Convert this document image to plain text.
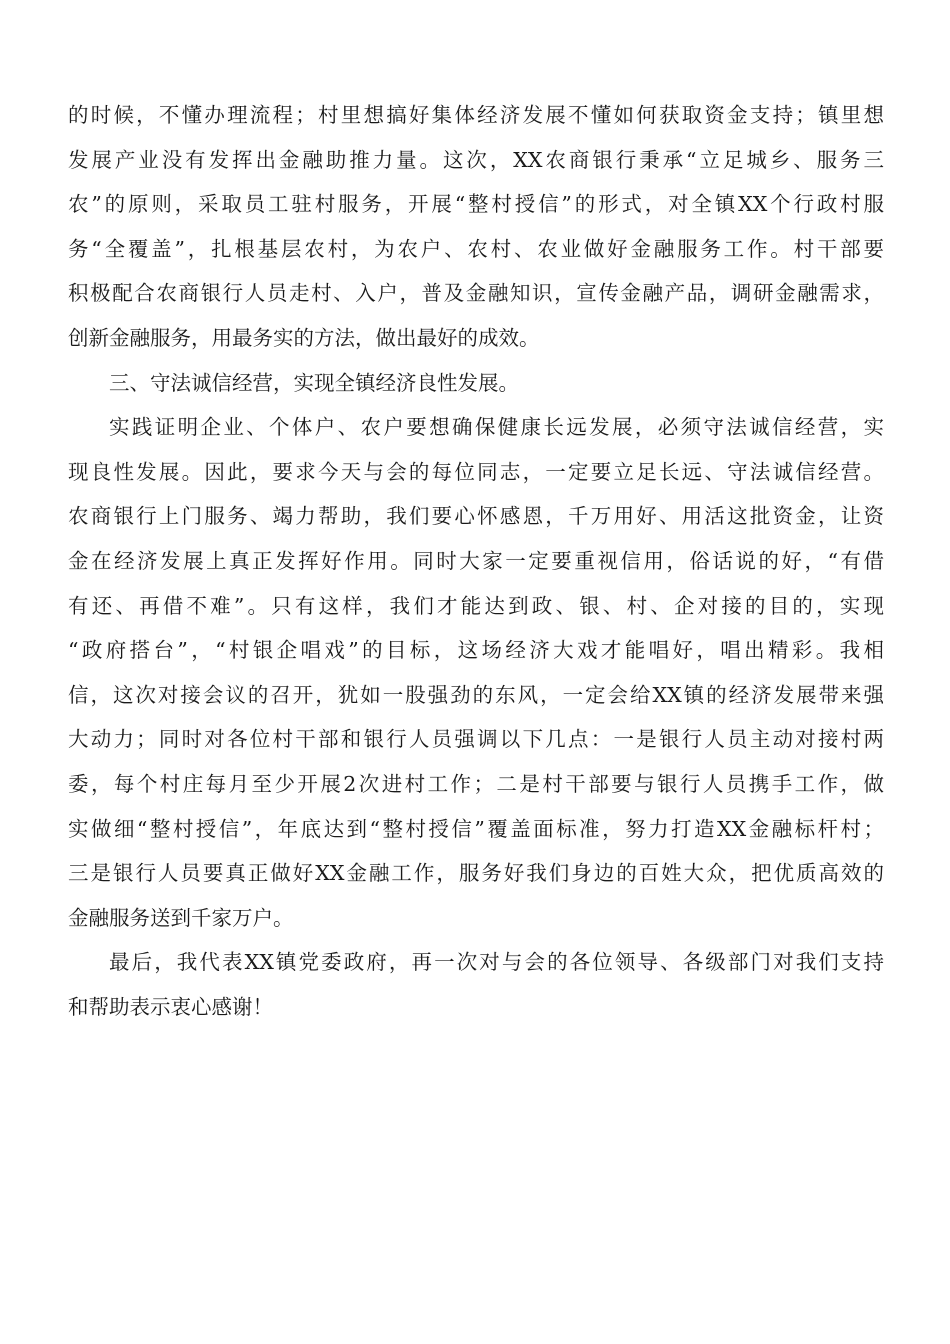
的时候，不懂办理流程；村里想搞好集体经济发展不懂如何获取资金支持；镇里想
发展产业没有发挥出金融助推力量。这次，XX农商银行秉承“立足城乡、服务三
农”的原则，采取员工驻村服务，开展“整村授信”的形式，对全镇XX个行政村服
务“全覆盖”，扎根基层农村，为农户、农村、农业做好金融服务工作。村干部要
积极配合农商银行人员走村、入户，普及金融知识，宣传金融产品，调研金融需求，
创新金融服务，用最务实的方法，做出最好的成效。
三、守法诚信经营，实现全镇经济良性发展。
实践证明企业、个体户、农户要想确保健康长远发展，必须守法诚信经营，实
现良性发展。因此，要求今天与会的每位同志，一定要立足长远、守法诚信经营。
农商银行上门服务、竭力帮助，我们要心怀感恩，千万用好、用活这批资金，让资
金在经济发展上真正发挥好作用。同时大家一定要重视信用，俗话说的好，“有借
有还、再借不难”。只有这样，我们才能达到政、银、村、企对接的目的，实现
“政府搭台”，“村银企唱戏”的目标，这场经济大戏才能唱好，唱出精彩。我相
信，这次对接会议的召开，犹如一股强劲的东风，一定会给XX镇的经济发展带来强
大动力；同时对各位村干部和银行人员强调以下几点：一是银行人员主动对接村两
委，每个村庄每月至少开展2次进村工作；二是村干部要与银行人员携手工作，做
实做细“整村授信”，年底达到“整村授信”覆盖面标准，努力打造XX金融标杆村；
三是银行人员要真正做好XX金融工作，服务好我们身边的百姓大众，把优质高效的
金融服务送到千家万户。
最后，我代表XX镇党委政府，再一次对与会的各位领导、各级部门对我们支持
和帮助表示衷心感谢！
